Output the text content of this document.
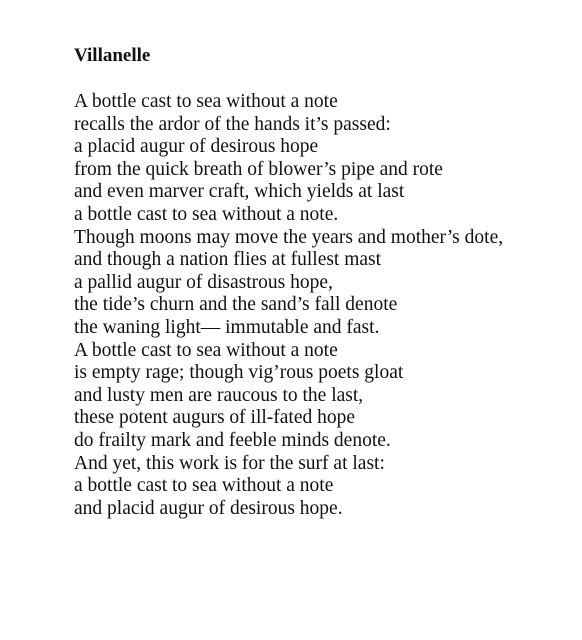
Villanelle
A bottle cast to sea without a note
recalls the ardor of the hands it’s passed:
a placid augur of desirous hope
from the quick breath of blower’s pipe and rote
and even marver craft, which yields at last
a bottle cast to sea without a note.
Though moons may move the years and mother’s dote,
and though a nation flies at fullest mast
a pallid augur of disastrous hope,
the tide’s churn and the sand’s fall denote
the waning light— immutable and fast.
A bottle cast to sea without a note
is empty rage; though vig’rous poets gloat
and lusty men are raucous to the last,
these potent augurs of ill-fated hope
do frailty mark and feeble minds denote.
And yet, this work is for the surf at last:
a bottle cast to sea without a note
and placid augur of desirous hope.
